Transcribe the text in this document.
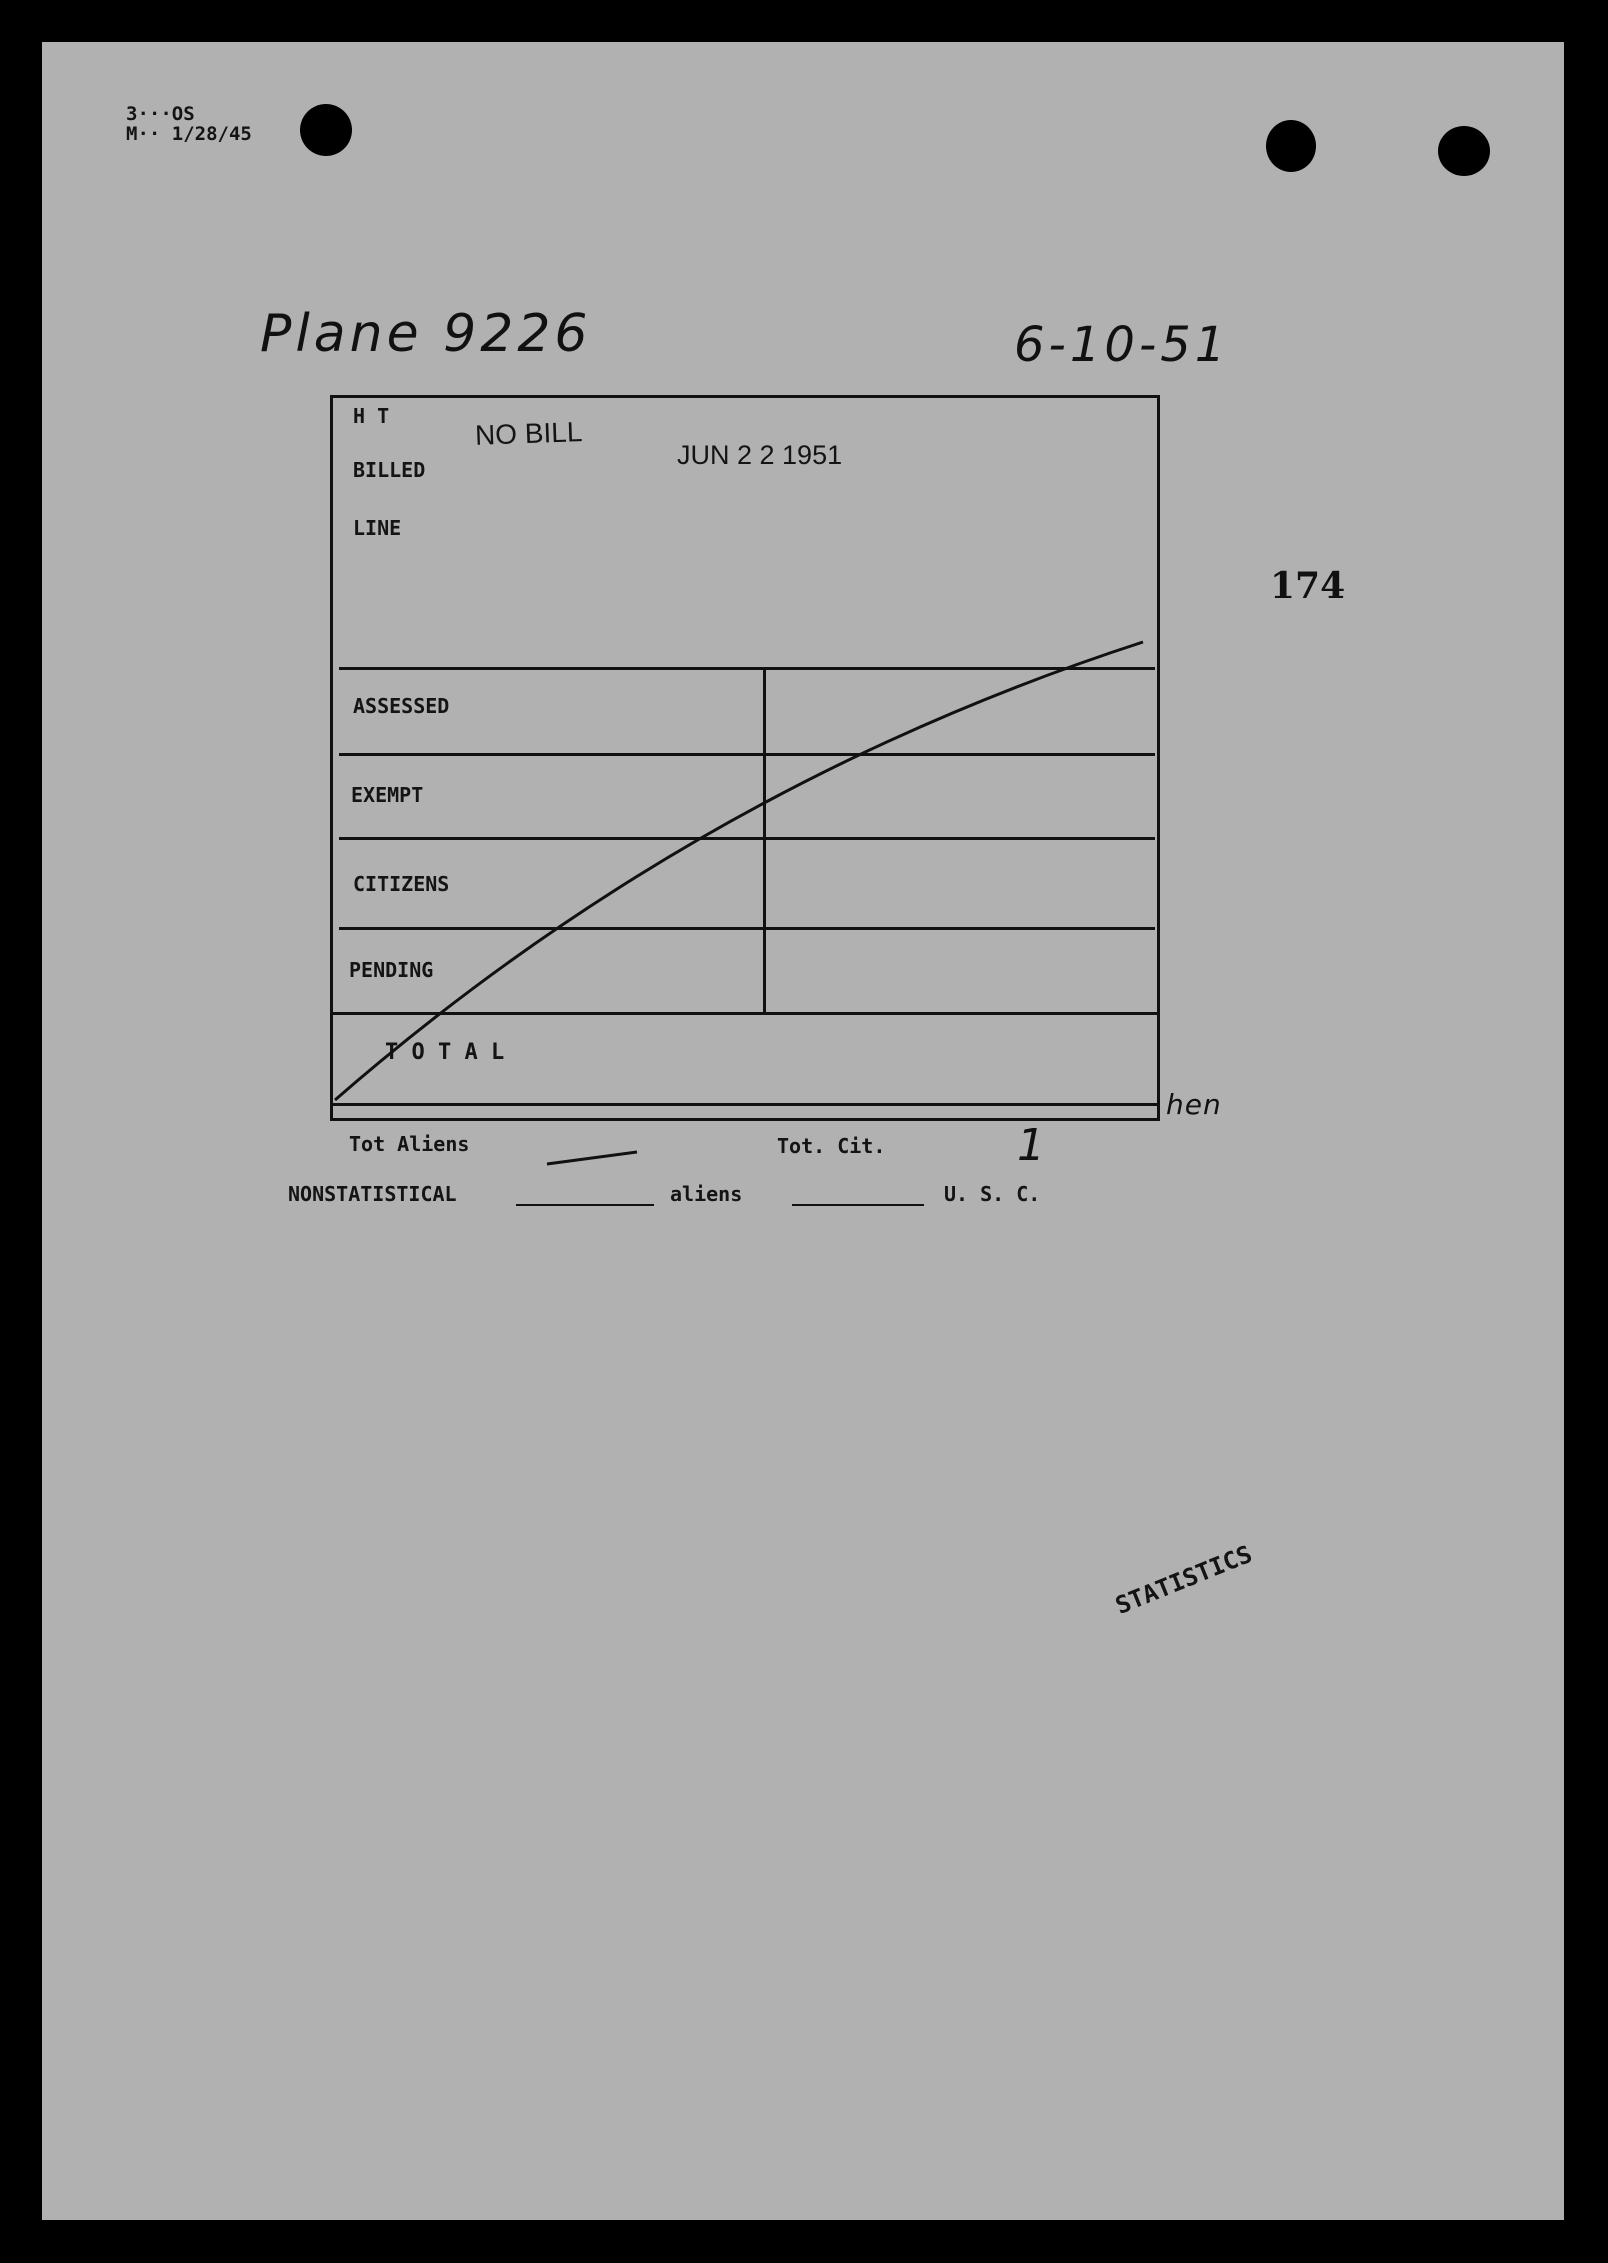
3···OS
M·· 1/28/45
Plane 9226	6-10-51
174
H T
BILLED
LINE
NO BILL
JUN 2 2 1951
ASSESSED
EXEMPT
CITIZENS
PENDING
T O T A L
Tot Aliens	Tot. Cit.	1
hen
NONSTATISTICAL	aliens	U. S. C.
STATISTICS
